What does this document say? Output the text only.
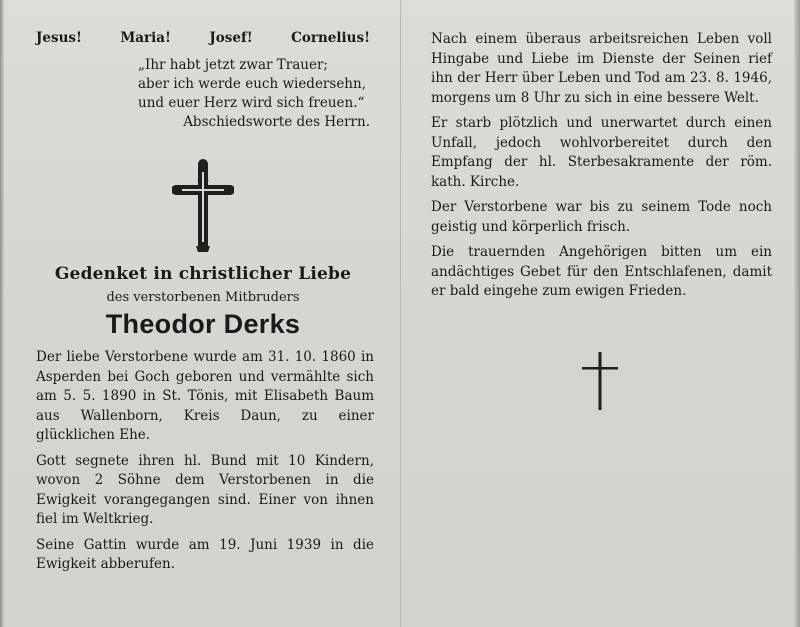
Jesus!	Maria!	Josef!	Cornelius!
„Ihr habt jetzt zwar Trauer;
aber ich werde euch wiedersehn,
und euer Herz wird sich freuen.“
Abschiedsworte des Herrn.
Gedenket in christlicher Liebe
des verstorbenen Mitbruders
Theodor Derks

Der liebe Verstorbene wurde am 31. 10. 1860 in Asperden bei Goch geboren und vermählte sich am 5. 5. 1890 in St. Tönis, mit Elisabeth Baum aus Wallenborn, Kreis Daun, zu einer glücklichen Ehe.

Gott segnete ihren hl. Bund mit 10 Kindern, wovon 2 Söhne dem Verstorbenen in die Ewigkeit vorangegangen sind. Einer von ihnen fiel im Weltkrieg.

Seine Gattin wurde am 19. Juni 1939 in die Ewigkeit abberufen.

Nach einem überaus arbeitsreichen Leben voll Hingabe und Liebe im Dienste der Seinen rief ihn der Herr über Leben und Tod am 23. 8. 1946, morgens um 8 Uhr zu sich in eine bessere Welt.

Er starb plötzlich und unerwartet durch einen Unfall, jedoch wohlvorbereitet durch den Empfang der hl. Sterbesakramente der röm. kath. Kirche.

Der Verstorbene war bis zu seinem Tode noch geistig und körperlich frisch.

Die trauernden Angehörigen bitten um ein andächtiges Gebet für den Entschlafenen, damit er bald eingehe zum ewigen Frieden.
